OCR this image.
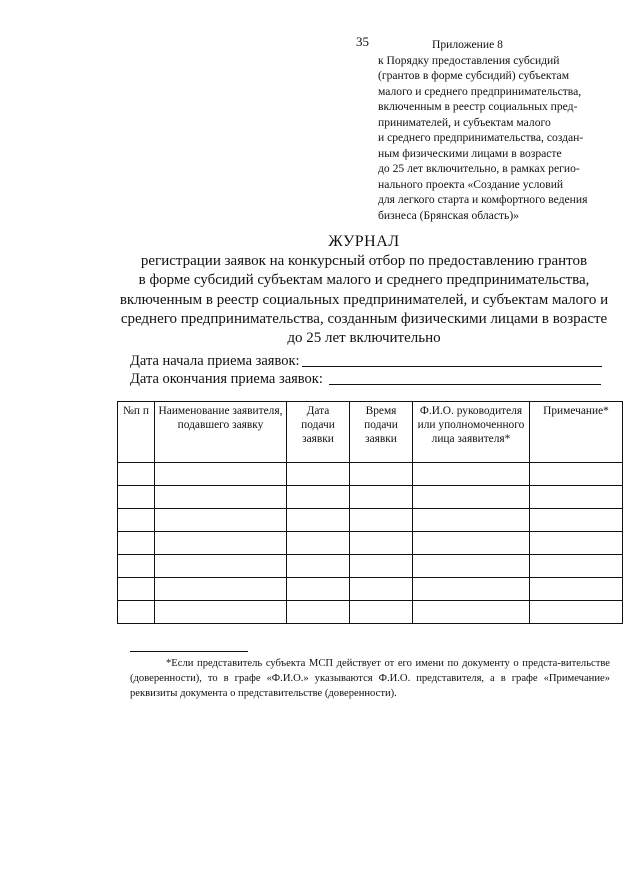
35	Приложение 8
к Порядку предоставления субсидий
(грантов в форме субсидий) субъектам
малого и среднего предпринимательства,
включенным в реестр социальных пред-
принимателей, и субъектам малого
и среднего предпринимательства, создан-
ным физическими лицами в возрасте
до 25 лет включительно, в рамках регио-
нального проекта «Создание условий
для легкого старта и комфортного ведения
бизнеса (Брянская область)»
ЖУРНАЛ
регистрации заявок на конкурсный отбор по предоставлению грантов
в форме субсидий субъектам малого и среднего предпринимательства,
включенным в реестр социальных предпринимателей, и субъектам малого и
среднего предпринимательства, созданным физическими лицами в возрасте
до 25 лет включительно
Дата начала приема заявок:
Дата окончания приема заявок:
№п п	Наименование заявителя, подавшего заявку	Дата подачи заявки	Время подачи заявки	Ф.И.О. руководителя или уполномоченного лица заявителя*	Примечание*

*Если представитель субъекта МСП действует от его имени по документу о предста-вительстве (доверенности), то в графе «Ф.И.О.» указываются Ф.И.О. представителя, а в графе «Примечание» реквизиты документа о представительстве (доверенности).
